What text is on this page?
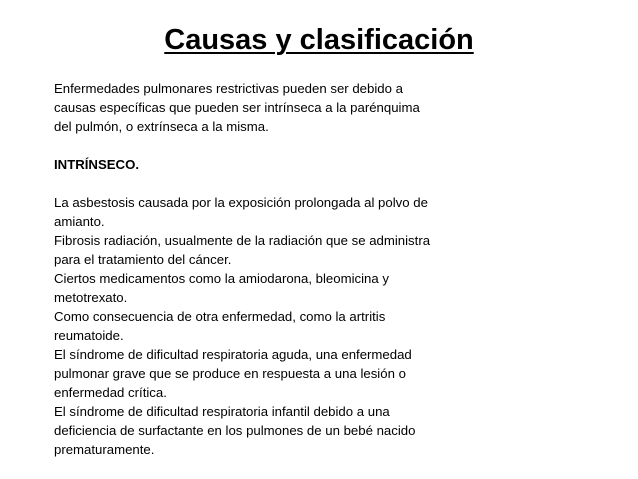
Causas y clasificación
Enfermedades pulmonares restrictivas pueden ser debido a
causas específicas que pueden ser intrínseca a la parénquima
del pulmón, o extrínseca a la misma.
INTRÍNSECO.
La asbestosis causada por la exposición prolongada al polvo de
amianto.
Fibrosis radiación, usualmente de la radiación que se administra
para el tratamiento del cáncer.
Ciertos medicamentos como la amiodarona, bleomicina y
metotrexato.
Como consecuencia de otra enfermedad, como la artritis
reumatoide.
El síndrome de dificultad respiratoria aguda, una enfermedad
pulmonar grave que se produce en respuesta a una lesión o
enfermedad crítica.
El síndrome de dificultad respiratoria infantil debido a una
deficiencia de surfactante en los pulmones de un bebé nacido
prematuramente.
